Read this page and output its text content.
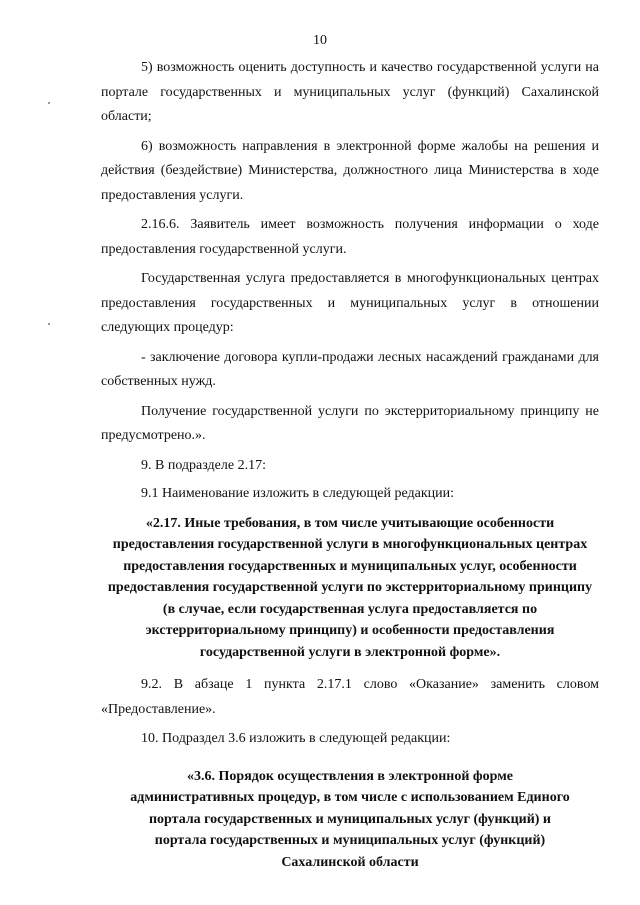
10

5) возможность оценить доступность и качество государственной услуги на портале государственных и муниципальных услуг (функций) Сахалинской области;

6) возможность направления в электронной форме жалобы на решения и действия (бездействие) Министерства, должностного лица Министерства в ходе предоставления услуги.

2.16.6. Заявитель имеет возможность получения информации о ходе предоставления государственной услуги.

Государственная услуга предоставляется в многофункциональных центрах предоставления государственных и муниципальных услуг в отношении следующих процедур:

- заключение договора купли-продажи лесных насаждений гражданами для собственных нужд.

Получение государственной услуги по экстерриториальному принципу не предусмотрено.».

9. В подразделе 2.17:

9.1 Наименование изложить в следующей редакции:

«2.17. Иные требования, в том числе учитывающие особенности предоставления государственной услуги в многофункциональных центрах предоставления государственных и муниципальных услуг, особенности предоставления государственной услуги по экстерриториальному принципу (в случае, если государственная услуга предоставляется по экстерриториальному принципу) и особенности предоставления государственной услуги в электронной форме».

9.2. В абзаце 1 пункта 2.17.1 слово «Оказание» заменить словом «Предоставление».

10. Подраздел 3.6 изложить в следующей редакции:

«3.6. Порядок осуществления в электронной форме административных процедур, в том числе с использованием Единого портала государственных и муниципальных услуг (функций) и портала государственных и муниципальных услуг (функций) Сахалинской области
